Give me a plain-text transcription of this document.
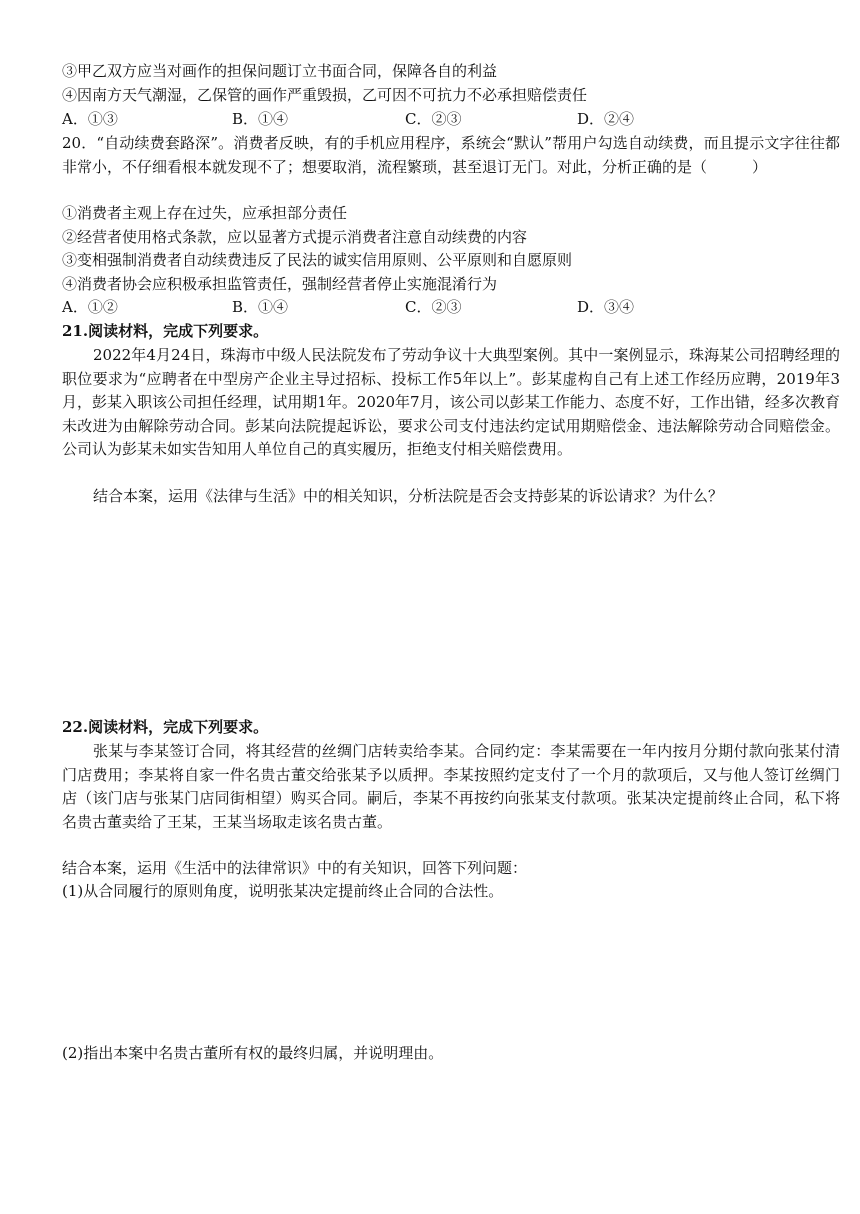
③甲乙双方应当对画作的担保问题订立书面合同，保障各自的利益
④因南方天气潮湿，乙保管的画作严重毁损，乙可因不可抗力不必承担赔偿责任
A．①③	B．①④	C．②③	D．②④
20．“自动续费套路深”。消费者反映，有的手机应用程序，系统会“默认”帮用户勾选自动续费，而且提示文字往往都非常小，不仔细看根本就发现不了；想要取消，流程繁琐，甚至退订无门。对此，分析正确的是（　　　）
①消费者主观上存在过失，应承担部分责任
②经营者使用格式条款，应以显著方式提示消费者注意自动续费的内容
③变相强制消费者自动续费违反了民法的诚实信用原则、公平原则和自愿原则
④消费者协会应积极承担监管责任，强制经营者停止实施混淆行为
A．①②	B．①④	C．②③	D．③④
21.阅读材料，完成下列要求。
2022年4月24日，珠海市中级人民法院发布了劳动争议十大典型案例。其中一案例显示，珠海某公司招聘经理的职位要求为“应聘者在中型房产企业主导过招标、投标工作5年以上”。彭某虚构自己有上述工作经历应聘，2019年3月，彭某入职该公司担任经理，试用期1年。2020年7月，该公司以彭某工作能力、态度不好，工作出错，经多次教育未改进为由解除劳动合同。彭某向法院提起诉讼，要求公司支付违法约定试用期赔偿金、违法解除劳动合同赔偿金。公司认为彭某未如实告知用人单位自己的真实履历，拒绝支付相关赔偿费用。
结合本案，运用《法律与生活》中的相关知识，分析法院是否会支持彭某的诉讼请求？为什么？
22.阅读材料，完成下列要求。
张某与李某签订合同，将其经营的丝绸门店转卖给李某。合同约定：李某需要在一年内按月分期付款向张某付清门店费用；李某将自家一件名贵古董交给张某予以质押。李某按照约定支付了一个月的款项后，又与他人签订丝绸门店（该门店与张某门店同街相望）购买合同。嗣后，李某不再按约向张某支付款项。张某决定提前终止合同，私下将名贵古董卖给了王某，王某当场取走该名贵古董。
结合本案，运用《生活中的法律常识》中的有关知识，回答下列问题：
(1)从合同履行的原则角度，说明张某决定提前终止合同的合法性。
(2)指出本案中名贵古董所有权的最终归属，并说明理由。
